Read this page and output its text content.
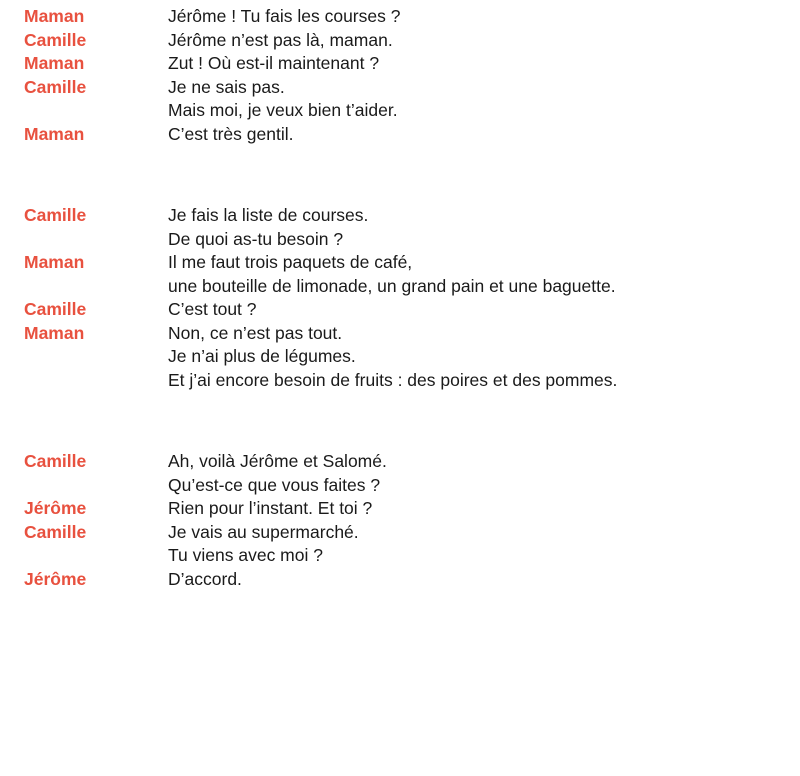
Maman	Jérôme ! Tu fais les courses ?
Camille	Jérôme n’est pas là, maman.
Maman	Zut ! Où est-il maintenant ?
Camille	Je ne sais pas.
Mais moi, je veux bien t’aider.
Maman	C’est très gentil.
Camille	Je fais la liste de courses.
De quoi as-tu besoin ?
Maman	Il me faut trois paquets de café,
une bouteille de limonade, un grand pain et une baguette.
Camille	C’est tout ?
Maman	Non, ce n’est pas tout.
Je n’ai plus de légumes.
Et j’ai encore besoin de fruits : des poires et des pommes.
Camille	Ah, voilà Jérôme et Salomé.
Qu’est-ce que vous faites ?
Jérôme	Rien pour l’instant. Et toi ?
Camille	Je vais au supermarché.
Tu viens avec moi ?
Jérôme	D’accord.
